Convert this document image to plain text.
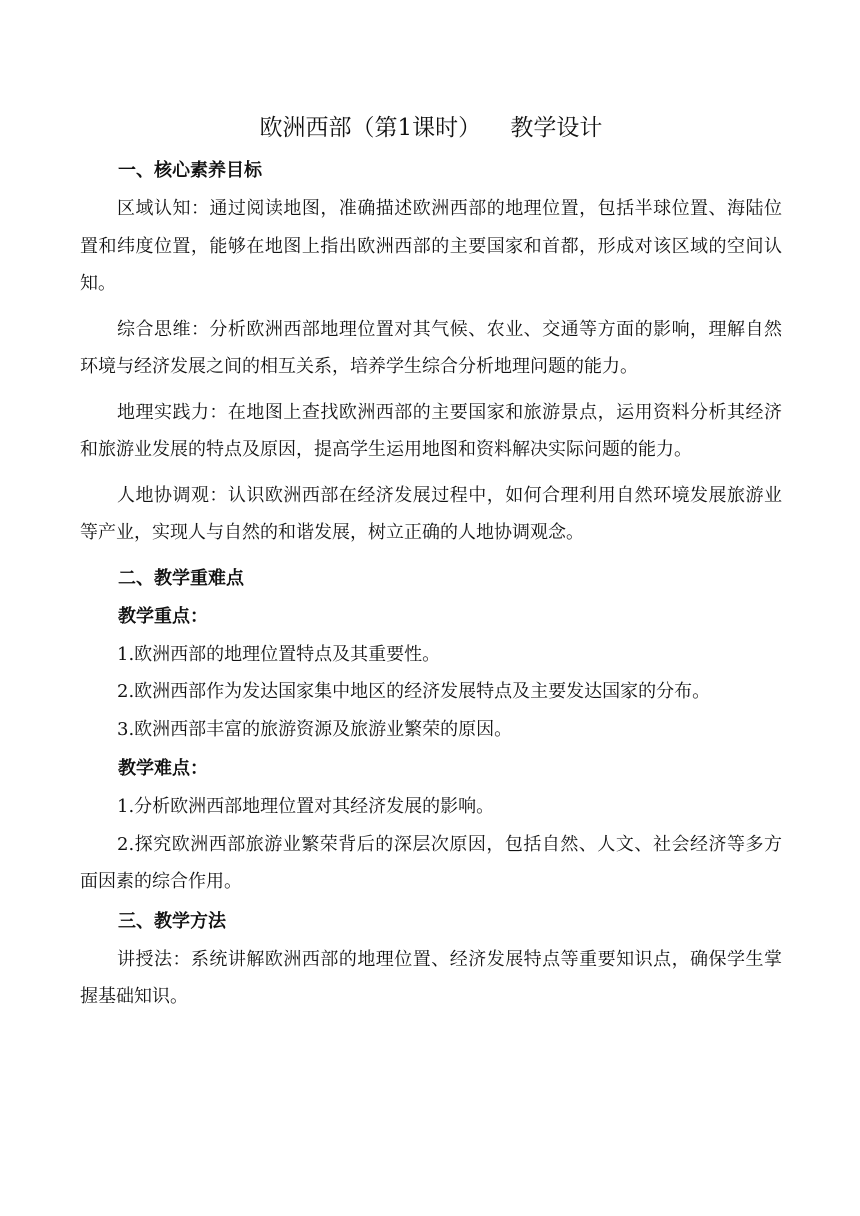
欧洲西部（第1课时）    教学设计
一、核心素养目标

区域认知：通过阅读地图，准确描述欧洲西部的地理位置，包括半球位置、海陆位置和纬度位置，能够在地图上指出欧洲西部的主要国家和首都，形成对该区域的空间认知。

综合思维：分析欧洲西部地理位置对其气候、农业、交通等方面的影响，理解自然环境与经济发展之间的相互关系，培养学生综合分析地理问题的能力。

地理实践力：在地图上查找欧洲西部的主要国家和旅游景点，运用资料分析其经济和旅游业发展的特点及原因，提高学生运用地图和资料解决实际问题的能力。

人地协调观：认识欧洲西部在经济发展过程中，如何合理利用自然环境发展旅游业等产业，实现人与自然的和谐发展，树立正确的人地协调观念。

二、教学重难点
教学重点：

1.欧洲西部的地理位置特点及其重要性。

2.欧洲西部作为发达国家集中地区的经济发展特点及主要发达国家的分布。

3.欧洲西部丰富的旅游资源及旅游业繁荣的原因。

教学难点：

1.分析欧洲西部地理位置对其经济发展的影响。

2.探究欧洲西部旅游业繁荣背后的深层次原因，包括自然、人文、社会经济等多方面因素的综合作用。

三、教学方法

讲授法：系统讲解欧洲西部的地理位置、经济发展特点等重要知识点，确保学生掌握基础知识。
